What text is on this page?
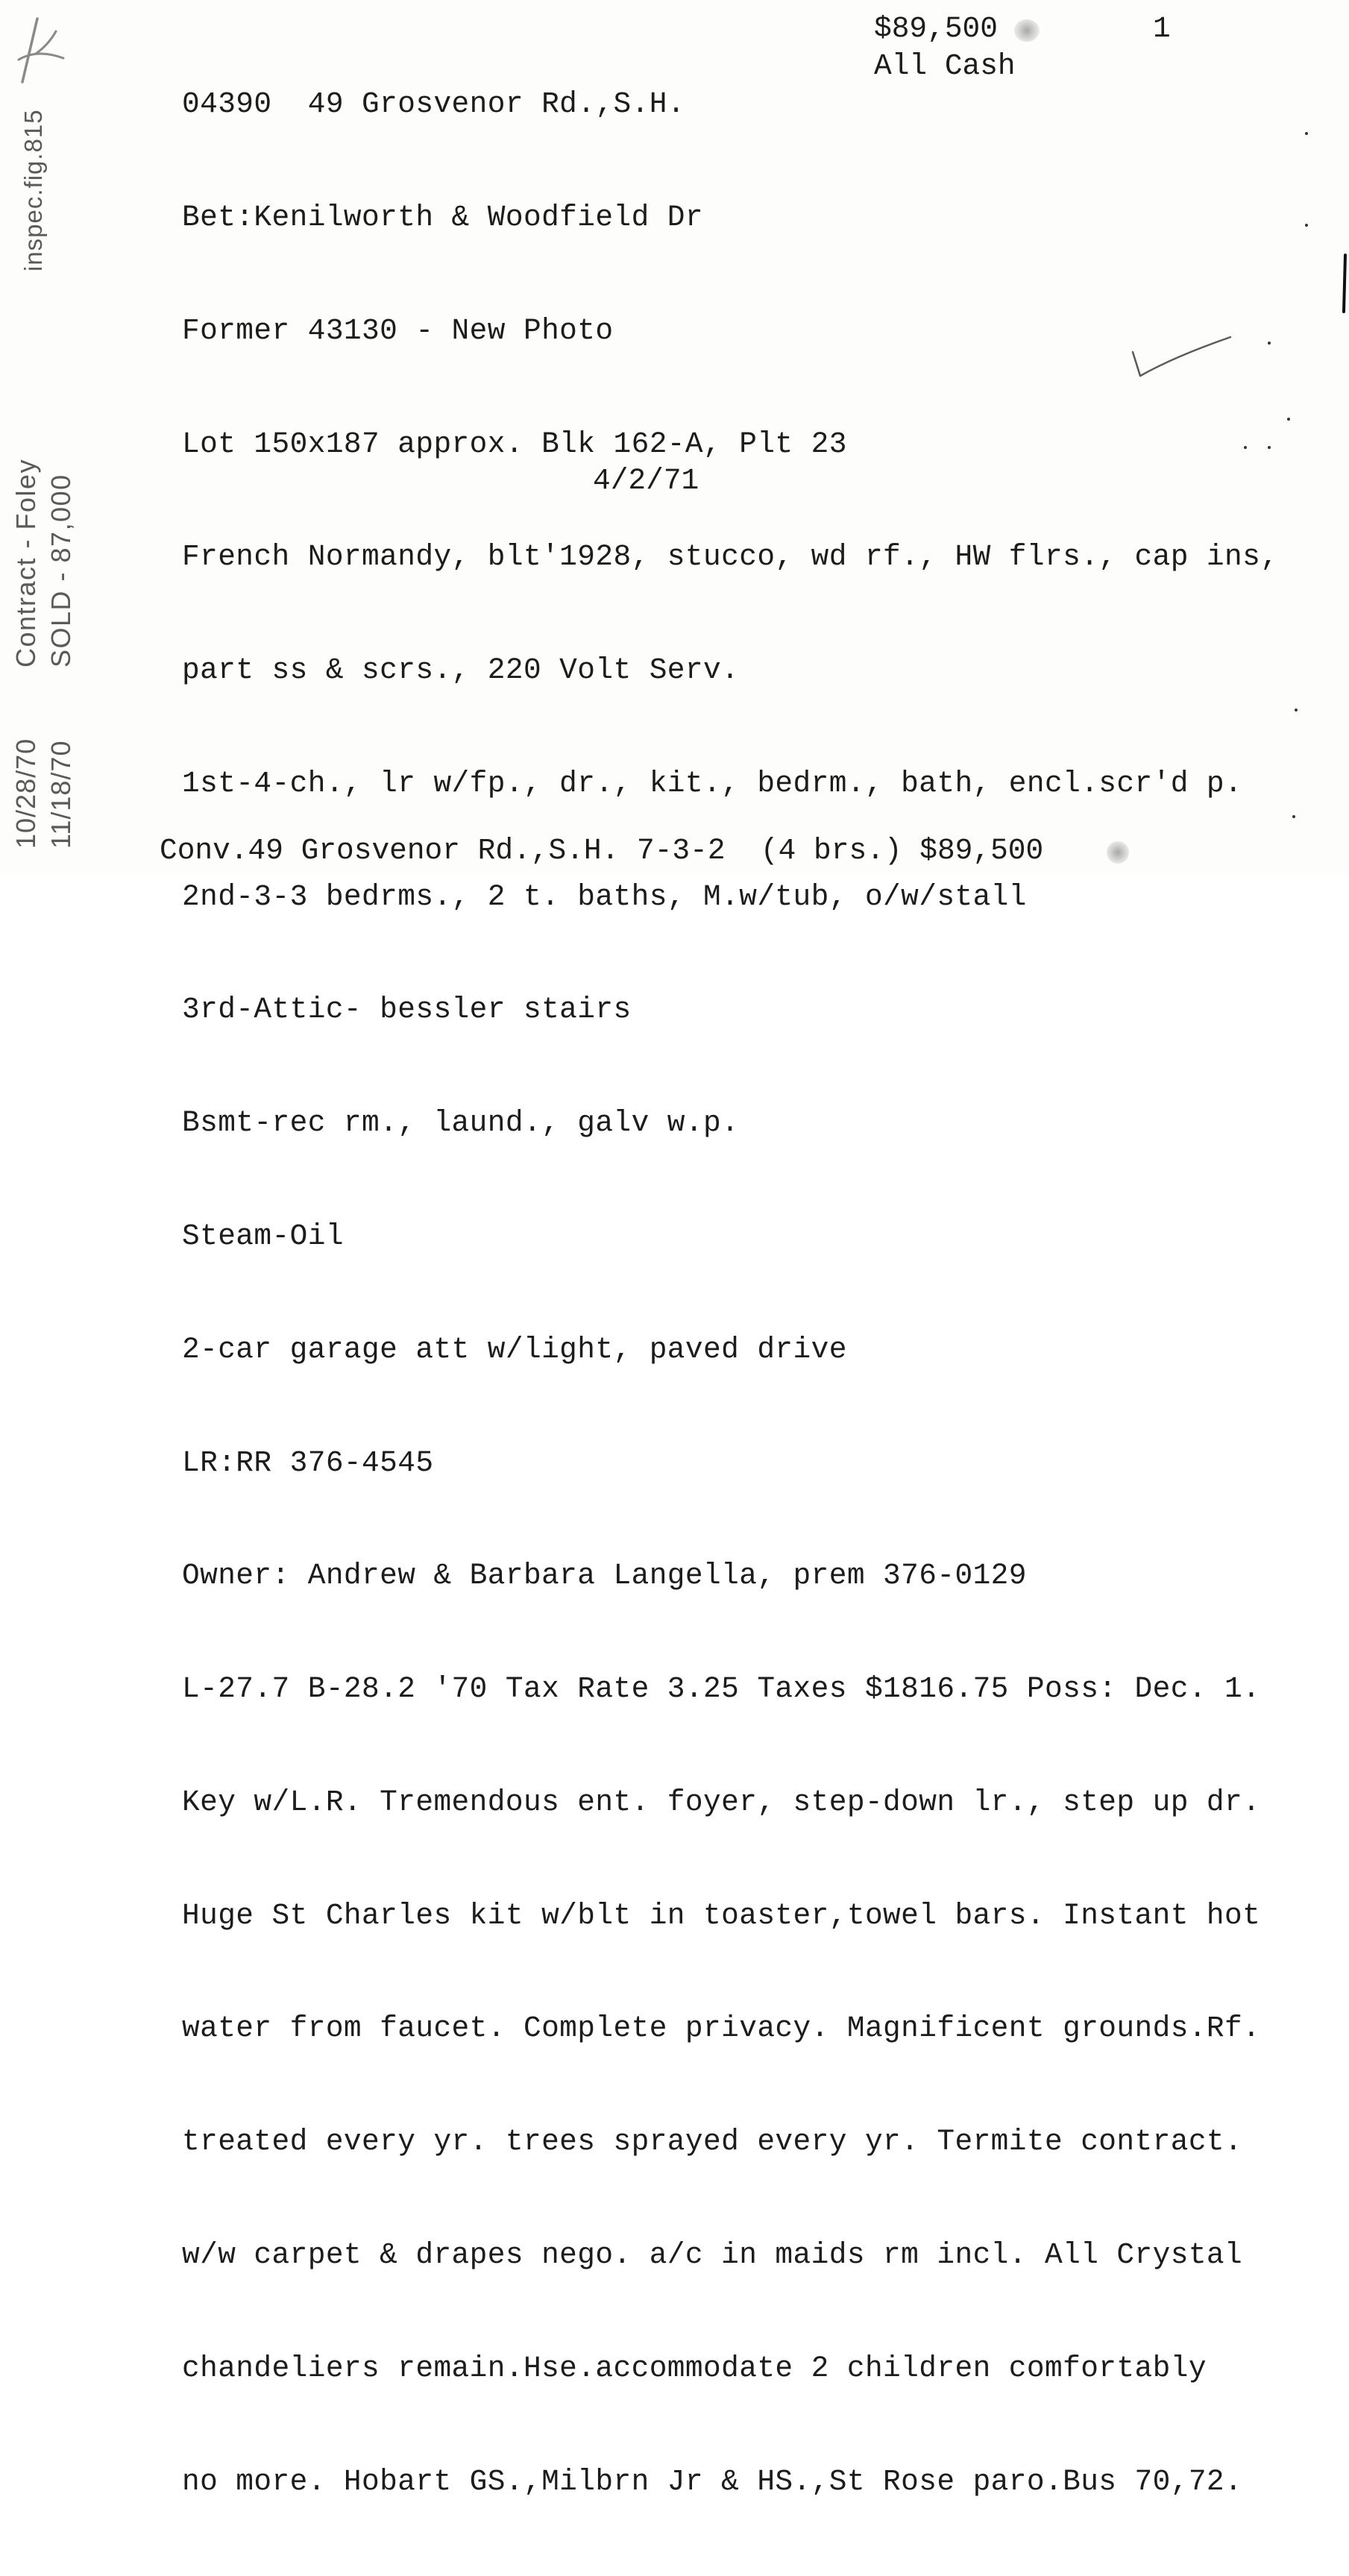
04390  49 Grosvenor Rd.,S.H.

Bet:Kenilworth & Woodfield Dr

Former 43130 - New Photo

Lot 150x187 approx. Blk 162-A, Plt 23

French Normandy, blt'1928, stucco, wd rf., HW flrs., cap ins,

part ss & scrs., 220 Volt Serv.

1st-4-ch., lr w/fp., dr., kit., bedrm., bath, encl.scr'd p.

2nd-3-3 bedrms., 2 t. baths, M.w/tub, o/w/stall

3rd-Attic- bessler stairs

Bsmt-rec rm., laund., galv w.p.

Steam-Oil

2-car garage att w/light, paved drive

LR:RR 376-4545

Owner: Andrew & Barbara Langella, prem 376-0129

L-27.7 B-28.2 '70 Tax Rate 3.25 Taxes $1816.75 Poss: Dec. 1.

Key w/L.R. Tremendous ent. foyer, step-down lr., step up dr.

Huge St Charles kit w/blt in toaster,towel bars. Instant hot

water from faucet. Complete privacy. Magnificent grounds.Rf.

treated every yr. trees sprayed every yr. Termite contract.

w/w carpet & drapes nego. a/c in maids rm incl. All Crystal

chandeliers remain.Hse.accommodate 2 children comfortably

no more. Hobart GS.,Milbrn Jr & HS.,St Rose paro.Bus 70,72.

$89,500
All Cash
1
4/2/71
Conv.49 Grosvenor Rd.,S.H. 7-3-2  (4 brs.) $89,500
inspec.fig.815
Contract - Foley SOLD - 87,000
10/28/70 11/18/70
